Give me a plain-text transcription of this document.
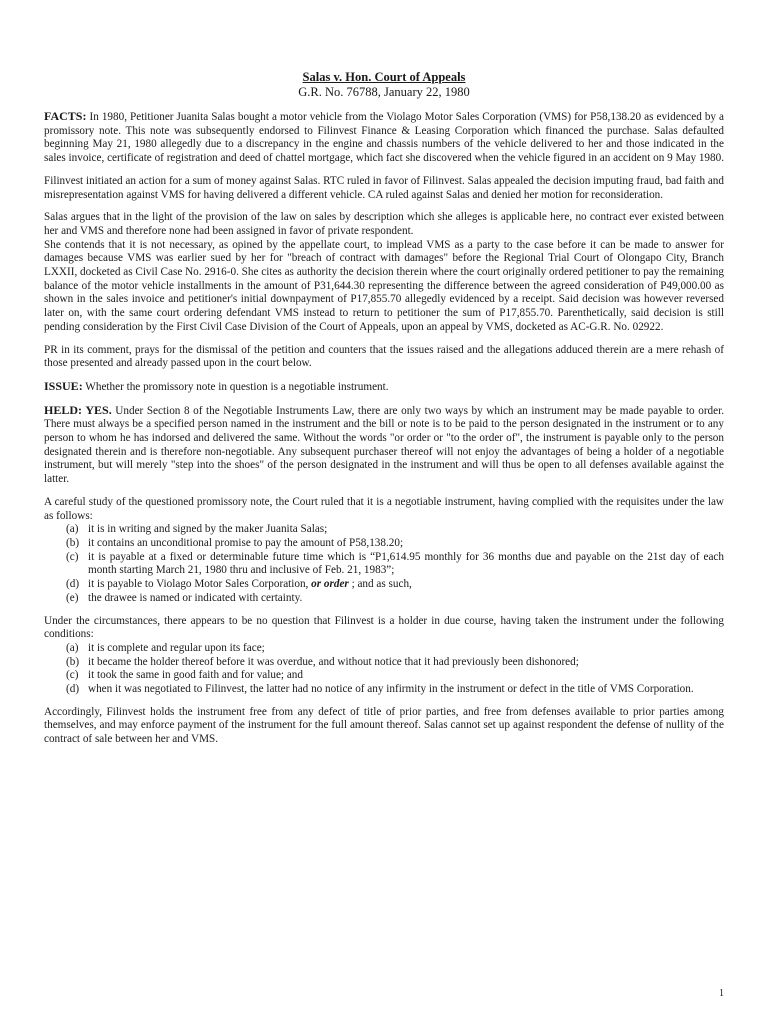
Salas v. Hon. Court of Appeals
G.R. No. 76788, January 22, 1980

FACTS: In 1980, Petitioner Juanita Salas bought a motor vehicle from the Violago Motor Sales Corporation (VMS) for P58,138.20 as evidenced by a promissory note. This note was subsequently endorsed to Filinvest Finance & Leasing Corporation which financed the purchase. Salas defaulted beginning May 21, 1980 allegedly due to a discrepancy in the engine and chassis numbers of the vehicle delivered to her and those indicated in the sales invoice, certificate of registration and deed of chattel mortgage, which fact she discovered when the vehicle figured in an accident on 9 May 1980.

Filinvest initiated an action for a sum of money against Salas. RTC ruled in favor of Filinvest. Salas appealed the decision imputing fraud, bad faith and misrepresentation against VMS for having delivered a different vehicle. CA ruled against Salas and denied her motion for reconsideration.

Salas argues that in the light of the provision of the law on sales by description which she alleges is applicable here, no contract ever existed between her and VMS and therefore none had been assigned in favor of private respondent.

She contends that it is not necessary, as opined by the appellate court, to implead VMS as a party to the case before it can be made to answer for damages because VMS was earlier sued by her for "breach of contract with damages" before the Regional Trial Court of Olongapo City, Branch LXXII, docketed as Civil Case No. 2916-0. She cites as authority the decision therein where the court originally ordered petitioner to pay the remaining balance of the motor vehicle installments in the amount of P31,644.30 representing the difference between the agreed consideration of P49,000.00 as shown in the sales invoice and petitioner's initial downpayment of P17,855.70 allegedly evidenced by a receipt. Said decision was however reversed later on, with the same court ordering defendant VMS instead to return to petitioner the sum of P17,855.70. Parenthetically, said decision is still pending consideration by the First Civil Case Division of the Court of Appeals, upon an appeal by VMS, docketed as AC-G.R. No. 02922.

PR in its comment, prays for the dismissal of the petition and counters that the issues raised and the allegations adduced therein are a mere rehash of those presented and already passed upon in the court below.

ISSUE: Whether the promissory note in question is a negotiable instrument.

HELD: YES. Under Section 8 of the Negotiable Instruments Law, there are only two ways by which an instrument may be made payable to order. There must always be a specified person named in the instrument and the bill or note is to be paid to the person designated in the instrument or to any person to whom he has indorsed and delivered the same. Without the words "or order or "to the order of", the instrument is payable only to the person designated therein and is therefore non-negotiable. Any subsequent purchaser thereof will not enjoy the advantages of being a holder of a negotiable instrument, but will merely "step into the shoes" of the person designated in the instrument and will thus be open to all defenses available against the latter.

A careful study of the questioned promissory note, the Court ruled that it is a negotiable instrument, having complied with the requisites under the law as follows:

(a) it is in writing and signed by the maker Juanita Salas;
(b) it contains an unconditional promise to pay the amount of P58,138.20;
(c) it is payable at a fixed or determinable future time which is “P1,614.95 monthly for 36 months due and payable on the 21st day of each month starting March 21, 1980 thru and inclusive of Feb. 21, 1983”;
(d) it is payable to Violago Motor Sales Corporation, or order ; and as such,
(e) the drawee is named or indicated with certainty.

Under the circumstances, there appears to be no question that Filinvest is a holder in due course, having taken the instrument under the following conditions:

(a) it is complete and regular upon its face;
(b) it became the holder thereof before it was overdue, and without notice that it had previously been dishonored;
(c) it took the same in good faith and for value; and
(d) when it was negotiated to Filinvest, the latter had no notice of any infirmity in the instrument or defect in the title of VMS Corporation.

Accordingly, Filinvest holds the instrument free from any defect of title of prior parties, and free from defenses available to prior parties among themselves, and may enforce payment of the instrument for the full amount thereof. Salas cannot set up against respondent the defense of nullity of the contract of sale between her and VMS.

1
